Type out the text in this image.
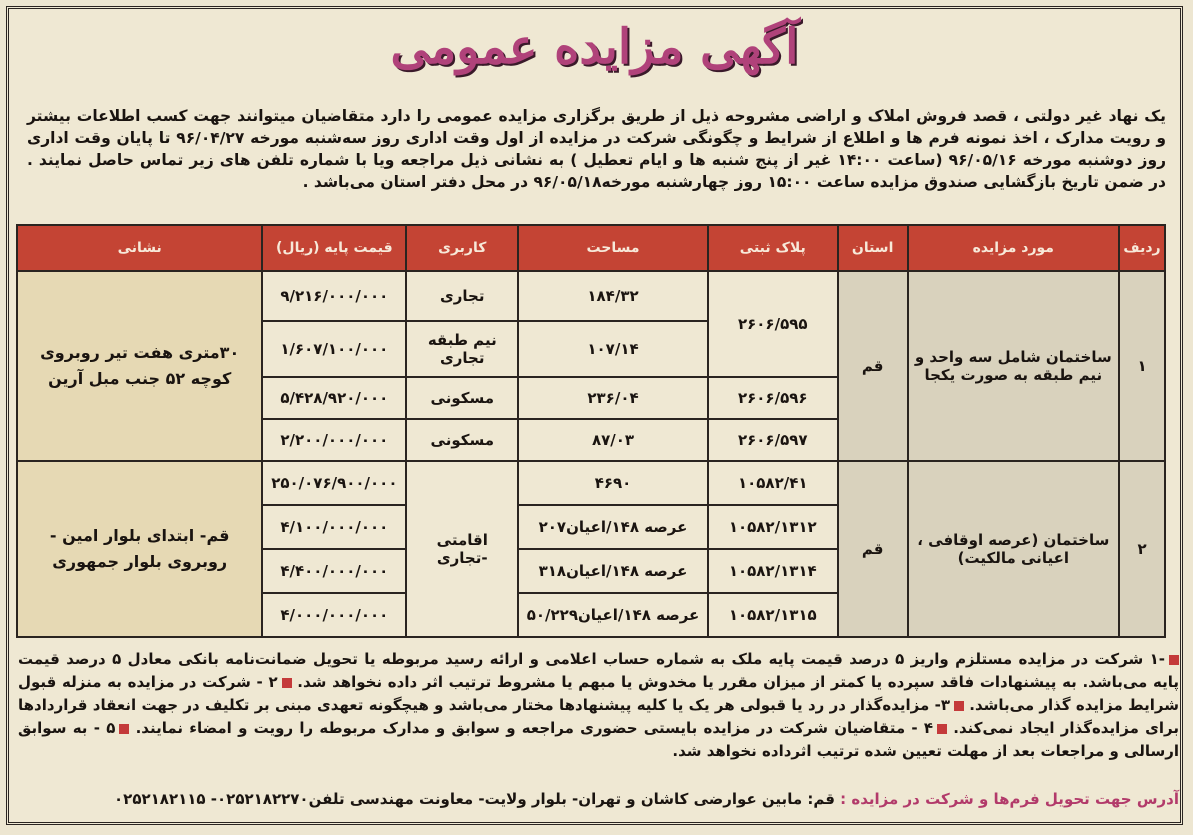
آگهی مزایده عمومی
یک نهاد غیر دولتی ، قصد فروش املاک و اراضی مشروحه ذیل از طریق برگزاری مزایده عمومی را دارد متقاضیان میتوانند جهت کسب اطلاعات بیشتر و رویت مدارک ، اخذ نمونه فرم ها و اطلاع از شرایط و چگونگی شرکت در مزایده از اول وقت اداری روز سه‌شنبه مورخه ۹۶/۰۴/۲۷ تا پایان وقت اداری روز دوشنبه مورخه ۹۶/۰۵/۱۶ (ساعت ۱۴:۰۰ غیر از پنج شنبه ها و ایام تعطیل ) به نشانی ذیل مراجعه ویا با شماره تلفن های زیر تماس حاصل نمایند . در ضمن تاریخ بازگشایی صندوق مزایده ساعت ۱۵:۰۰ روز چهارشنبه مورخه۹۶/۰۵/۱۸ در محل دفتر استان می‌باشد .
ردیف	مورد مزایده	استان	پلاک ثبتی	مساحت	کاربری	قیمت پایه (ریال)	نشانی
۱	ساختمان شامل سه واحد و نیم طبقه به صورت یکجا	قم	۲۶۰۶/۵۹۵	۱۸۴/۳۲	تجاری	۹/۲۱۶/۰۰۰/۰۰۰	۳۰متری هفت تیر روبروی کوچه ۵۲ جنب مبل آرین
				۱۰۷/۱۴	نیم طبقه تجاری	۱/۶۰۷/۱۰۰/۰۰۰	
			۲۶۰۶/۵۹۶	۲۳۶/۰۴	مسکونی	۵/۴۲۸/۹۲۰/۰۰۰	
			۲۶۰۶/۵۹۷	۸۷/۰۳	مسکونی	۲/۲۰۰/۰۰۰/۰۰۰	
۲	ساختمان (عرصه اوقافی ، اعیانی مالکیت)	قم	۱۰۵۸۲/۴۱	۴۶۹۰	اقامتی -تجاری	۲۵۰/۰۷۶/۹۰۰/۰۰۰	قم- ابتدای بلوار امین - روبروی بلوار جمهوری
			۱۰۵۸۲/۱۳۱۲	عرصه ۱۴۸/اعیان۲۰۷		۴/۱۰۰/۰۰۰/۰۰۰	
			۱۰۵۸۲/۱۳۱۴	عرصه ۱۴۸/اعیان۳۱۸		۴/۴۰۰/۰۰۰/۰۰۰	
			۱۰۵۸۲/۱۳۱۵	عرصه ۱۴۸/اعیان۵۰/۲۲۹		۴/۰۰۰/۰۰۰/۰۰۰	
-۱ شرکت در مزایده مستلزم واریز ۵ درصد قیمت پایه ملک به شماره حساب اعلامی و ارائه رسید مربوطه یا تحویل ضمانت‌نامه بانکی معادل ۵ درصد قیمت پایه می‌باشد. به پیشنهادات فاقد سپرده یا کمتر از میزان مقرر یا مخدوش یا مبهم یا مشروط ترتیب اثر داده نخواهد شد. ۲ - شرکت در مزایده به منزله قبول شرایط مزایده گذار می‌باشد. ۳- مزایده‌گذار در رد یا قبولی هر یک یا کلیه پیشنهادها مختار می‌باشد و هیچگونه تعهدی مبنی بر تکلیف در جهت انعقاد قراردادها برای مزایده‌گذار ایجاد نمی‌کند. ۴ - متقاضیان شرکت در مزایده بایستی حضوری مراجعه و سوابق و مدارک مربوطه را رویت و امضاء نمایند. ۵ - به سوابق ارسالی و مراجعات بعد از مهلت تعیین شده ترتیب اثرداده نخواهد شد.
آدرس جهت تحویل فرم‌ها و شرکت در مزایده : قم: مابین عوارضی کاشان و تهران- بلوار ولایت- معاونت مهندسی تلفن۰۲۵۲۱۸۲۲۷۰- ۰۲۵۲۱۸۲۱۱۵
